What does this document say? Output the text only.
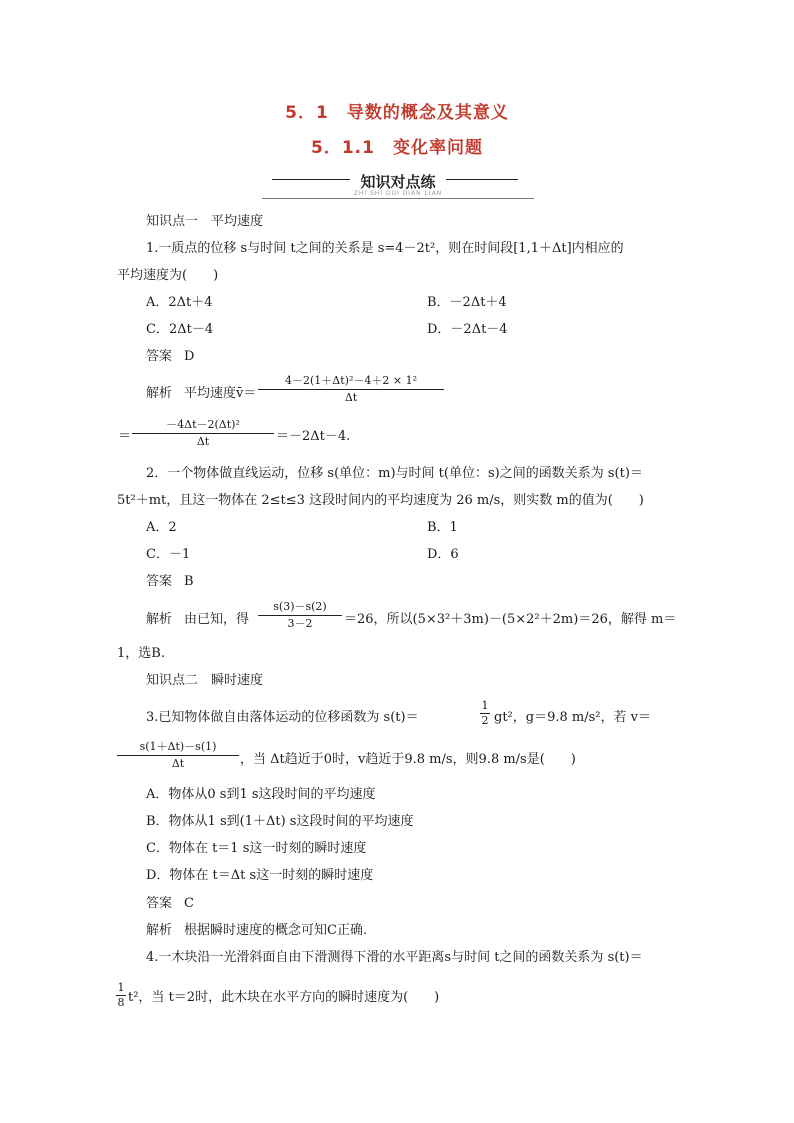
5．1　导数的概念及其意义
5．1.1　变化率问题
知识对点练
ZHI SHI DUI DIAN LIAN
知识点一　平均速度
1.一质点的位移 s与时间 t之间的关系是 s=4－2t²，则在时间段[1,1＋Δt]内相应的
平均速度为(　　)
A．2Δt＋4	B．－2Δt＋4
C．2Δt－4	D．－2Δt－4
答案 D
解析 平均速度v̄＝
4－2(1＋Δt)²－4＋2 × 1²
Δt
＝
－4Δt－2(Δt)²
Δt	＝－2Δt－4.
2．一个物体做直线运动，位移 s(单位：m)与时间 t(单位：s)之间的函数关系为 s(t)＝
5t²＋mt，且这一物体在 2≤t≤3 这段时间内的平均速度为 26 m/s，则实数 m的值为(　　)
A．2	B．1
C．－1	D．6
答案 B
解析 由已知，得
s(3)－s(2)
3－2	＝26，所以(5×3²＋3m)－(5×2²＋2m)＝26，解得 m＝
1，选B.
知识点二　瞬时速度
3.已知物体做自由落体运动的位移函数为 s(t)＝
1
2 gt²，g＝9.8 m/s²，若 v＝
s(1＋Δt)－s(1)
Δt	，当 Δt趋近于0时，v趋近于9.8 m/s，则9.8 m/s是(　　)
A．物体从0 s到1 s这段时间的平均速度
B．物体从1 s到(1＋Δt) s这段时间的平均速度
C．物体在 t＝1 s这一时刻的瞬时速度
D．物体在 t＝Δt s这一时刻的瞬时速度
答案 C
解析 根据瞬时速度的概念可知C正确.
4.一木块沿一光滑斜面自由下滑测得下滑的水平距离s与时间 t之间的函数关系为 s(t)＝
1
8 t²，当 t＝2时，此木块在水平方向的瞬时速度为(　　)
